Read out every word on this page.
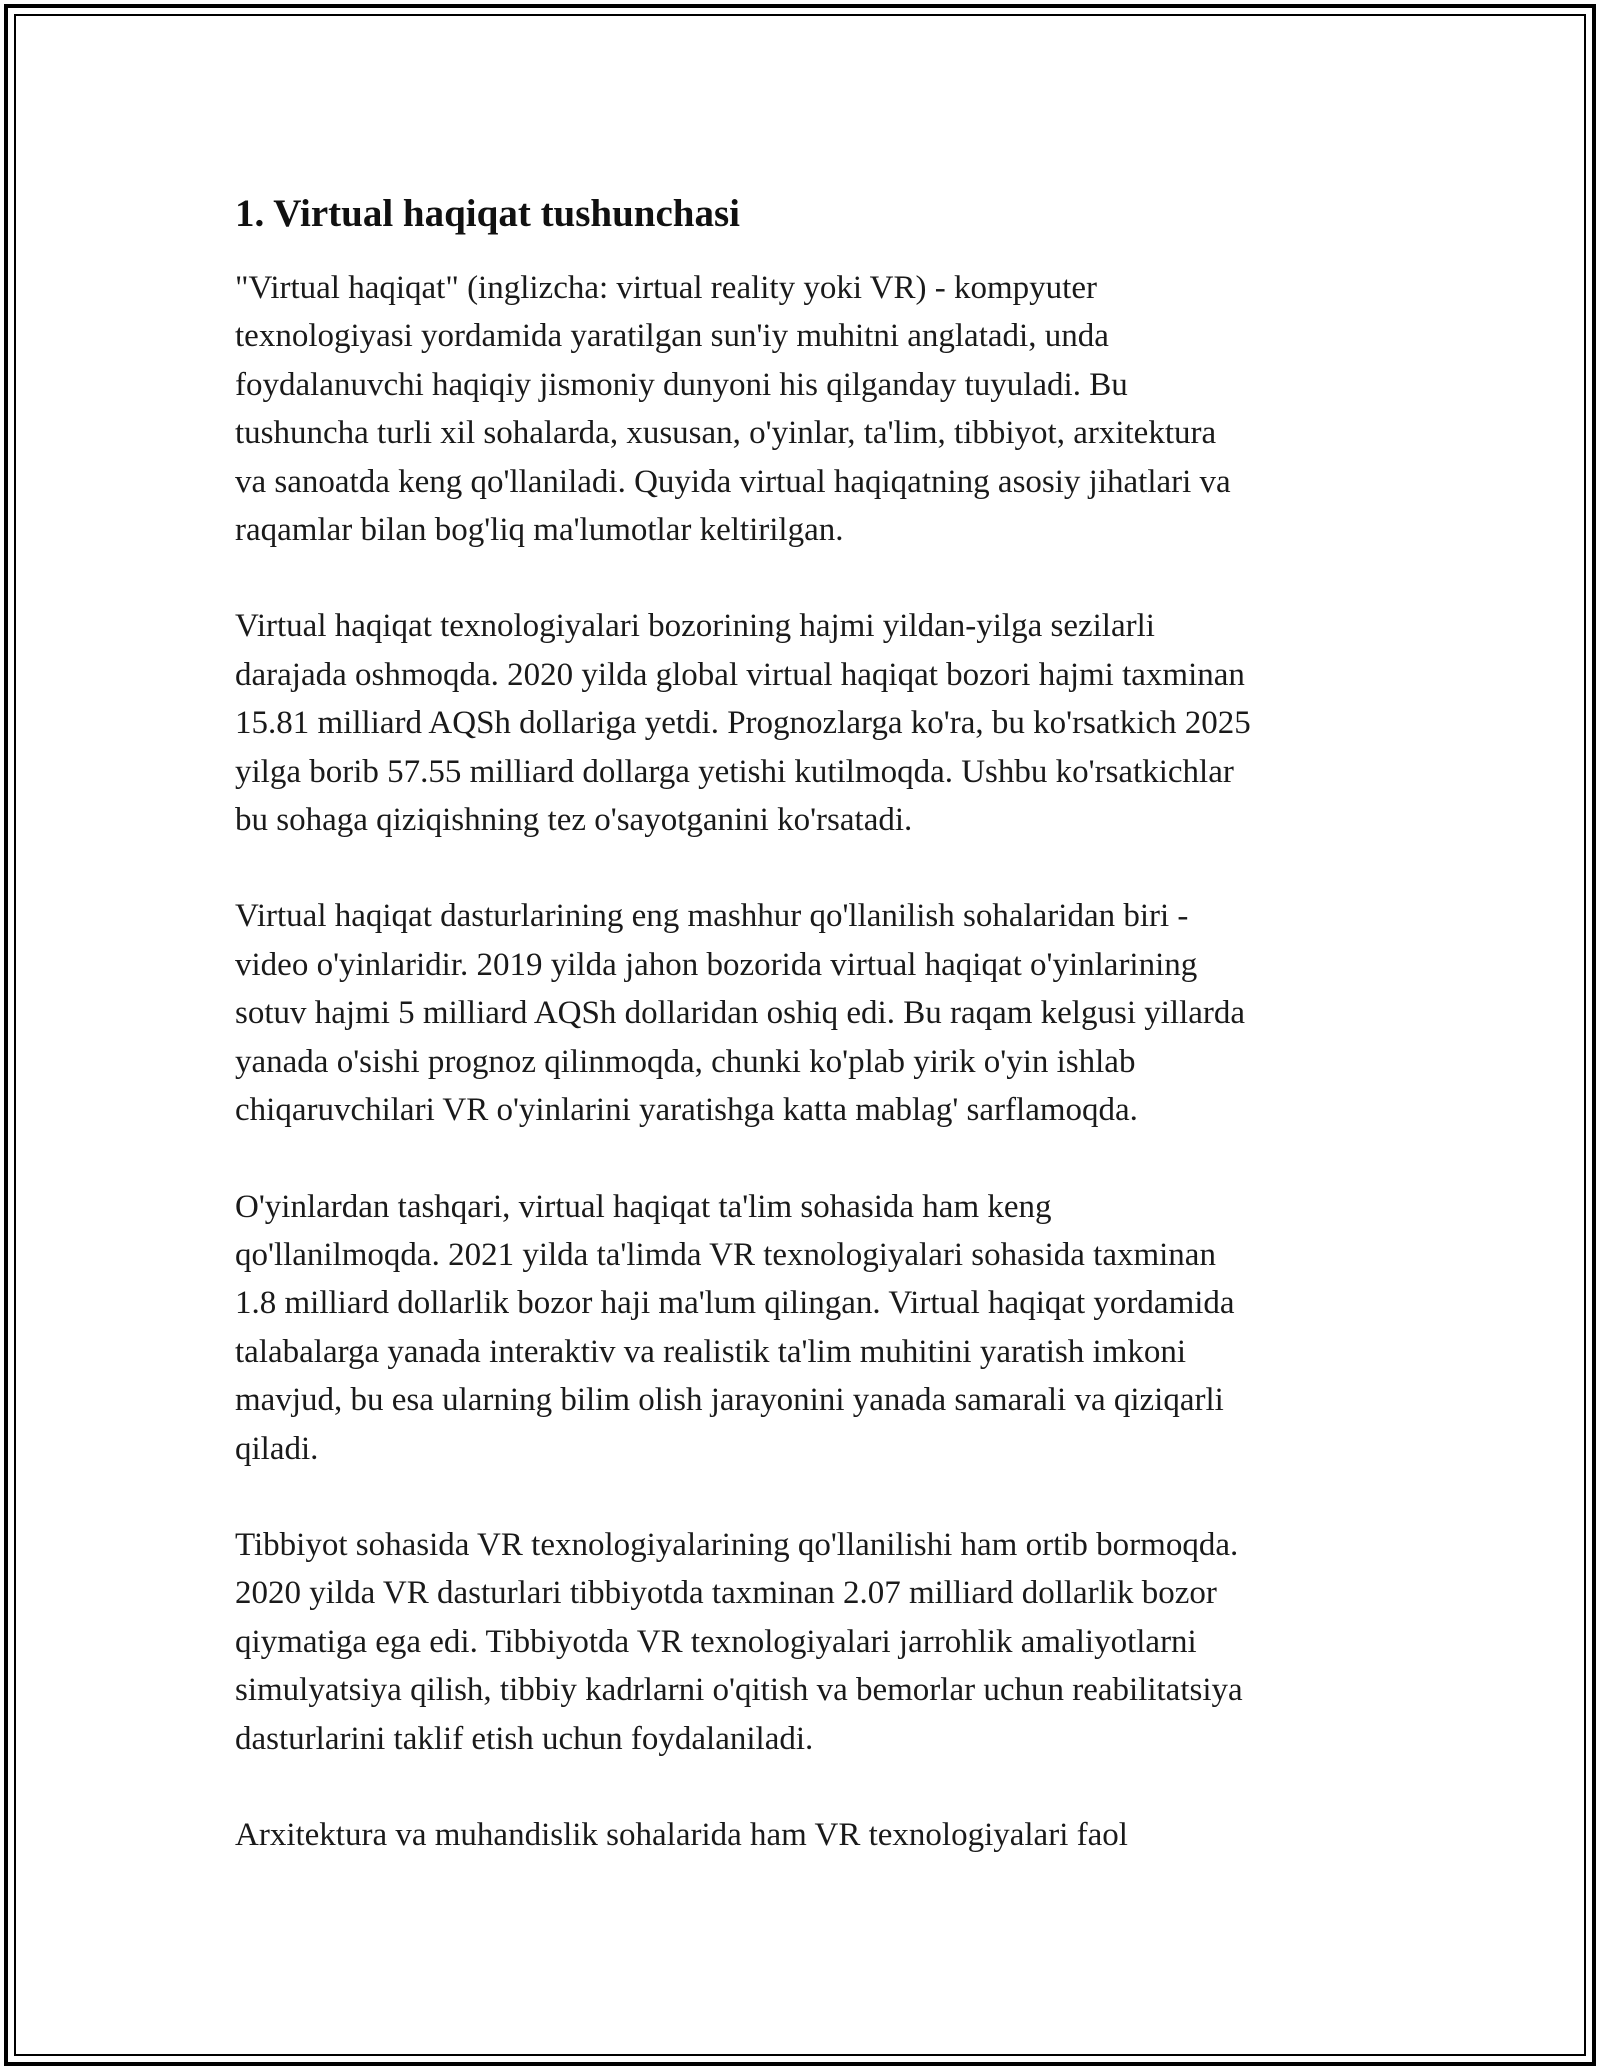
1. Virtual haqiqat tushunchasi

"Virtual haqiqat" (inglizcha: virtual reality yoki VR) - kompyuter
texnologiyasi yordamida yaratilgan sun'iy muhitni anglatadi, unda
foydalanuvchi haqiqiy jismoniy dunyoni his qilganday tuyuladi. Bu
tushuncha turli xil sohalarda, xususan, o'yinlar, ta'lim, tibbiyot, arxitektura
va sanoatda keng qo'llaniladi. Quyida virtual haqiqatning asosiy jihatlari va
raqamlar bilan bog'liq ma'lumotlar keltirilgan.

Virtual haqiqat texnologiyalari bozorining hajmi yildan-yilga sezilarli
darajada oshmoqda. 2020 yilda global virtual haqiqat bozori hajmi taxminan
15.81 milliard AQSh dollariga yetdi. Prognozlarga ko'ra, bu ko'rsatkich 2025
yilga borib 57.55 milliard dollarga yetishi kutilmoqda. Ushbu ko'rsatkichlar
bu sohaga qiziqishning tez o'sayotganini ko'rsatadi.

Virtual haqiqat dasturlarining eng mashhur qo'llanilish sohalaridan biri -
video o'yinlaridir. 2019 yilda jahon bozorida virtual haqiqat o'yinlarining
sotuv hajmi 5 milliard AQSh dollaridan oshiq edi. Bu raqam kelgusi yillarda
yanada o'sishi prognoz qilinmoqda, chunki ko'plab yirik o'yin ishlab
chiqaruvchilari VR o'yinlarini yaratishga katta mablag' sarflamoqda.

O'yinlardan tashqari, virtual haqiqat ta'lim sohasida ham keng
qo'llanilmoqda. 2021 yilda ta'limda VR texnologiyalari sohasida taxminan
1.8 milliard dollarlik bozor haji ma'lum qilingan. Virtual haqiqat yordamida
talabalarga yanada interaktiv va realistik ta'lim muhitini yaratish imkoni
mavjud, bu esa ularning bilim olish jarayonini yanada samarali va qiziqarli
qiladi.

Tibbiyot sohasida VR texnologiyalarining qo'llanilishi ham ortib bormoqda.
2020 yilda VR dasturlari tibbiyotda taxminan 2.07 milliard dollarlik bozor
qiymatiga ega edi. Tibbiyotda VR texnologiyalari jarrohlik amaliyotlarni
simulyatsiya qilish, tibbiy kadrlarni o'qitish va bemorlar uchun reabilitatsiya
dasturlarini taklif etish uchun foydalaniladi.

Arxitektura va muhandislik sohalarida ham VR texnologiyalari faol
